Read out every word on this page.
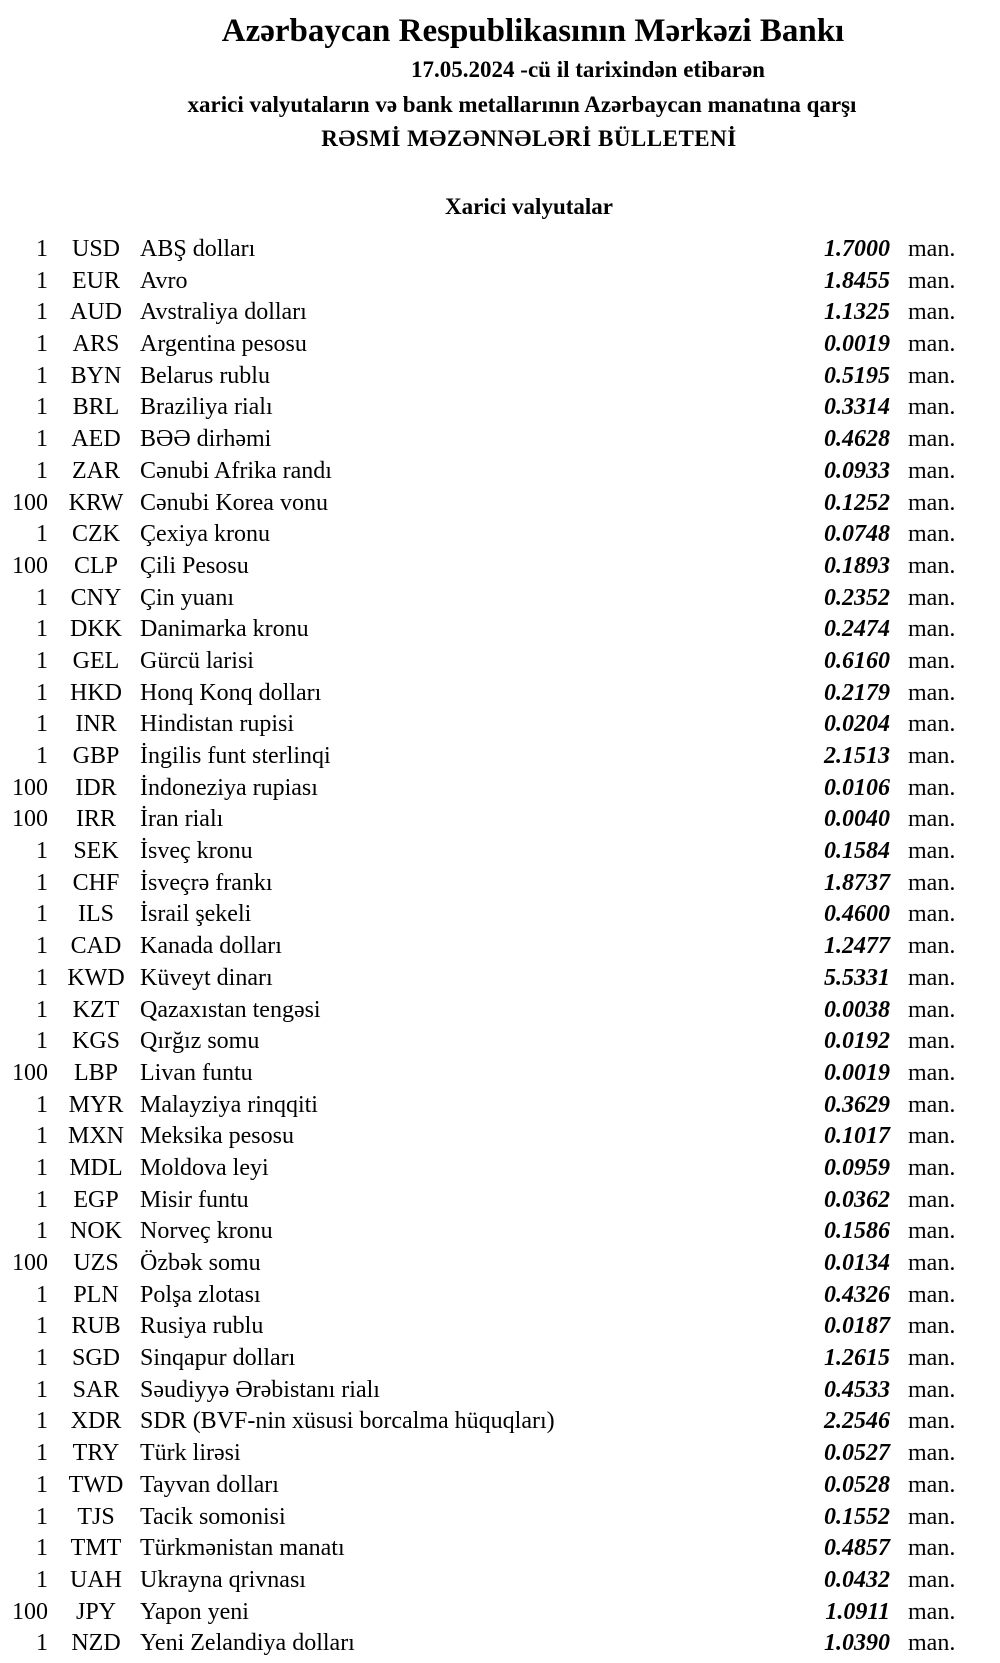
Azərbaycan Respublikasının Mərkəzi Bankı
17.05.2024 -cü il tarixindən etibarən
xarici valyutaların və bank metallarının Azərbaycan manatına qarşı
RƏSMİ MƏZƏNNƏLƏRİ BÜLLETENİ
Xarici valyutalar
1 USD ABŞ dolları	1.7000 man.
1	EUR Avro	1.8455 man.
1 AUD Avstraliya dolları	1.1325 man.
1	ARS Argentina pesosu	0.0019 man.
1 BYN Belarus rublu	0.5195 man.
1	BRL Braziliya rialı	0.3314 man.
1 AED BƏƏ dirhəmi	0.4628 man.
1	ZAR Cənubi Afrika randı	0.0933 man.
100 KRW Cənubi Korea vonu	0.1252 man.
1	CZK Çexiya kronu	0.0748 man.
100	CLP Çili Pesosu	0.1893 man.
1 CNY Çin yuanı	0.2352 man.
1 DKK Danimarka kronu	0.2474 man.
1	GEL Gürcü larisi	0.6160 man.
1 HKD Honq Konq dolları	0.2179 man.
1	INR Hindistan rupisi	0.0204 man.
1	GBP İngilis funt sterlinqi	2.1513 man.
100	IDR İndoneziya rupiası	0.0106 man.
100	IRR	İran rialı	0.0040 man.
1	SEK İsveç kronu	0.1584 man.
1	CHF İsveçrə frankı	1.8737 man.
1	ILS	İsrail şekeli	0.4600 man.
1 CAD Kanada dolları	1.2477 man.
1 KWD Küveyt dinarı	5.5331 man.
1	KZT Qazaxıstan tengəsi	0.0038 man.
1 KGS Qırğız somu	0.0192 man.
100	LBP Livan funtu	0.0019 man.
1 MYR Malayziya rinqqiti	0.3629 man.
1 MXN Meksika pesosu	0.1017 man.
1 MDL Moldova leyi	0.0959 man.
1	EGP Misir funtu	0.0362 man.
1 NOK Norveç kronu	0.1586 man.
100	UZS Özbək somu	0.0134 man.
1	PLN Polşa zlotası	0.4326 man.
1 RUB Rusiya rublu	0.0187 man.
1 SGD Sinqapur dolları	1.2615 man.
1	SAR Səudiyyə Ərəbistanı rialı	0.4533 man.
1 XDR SDR (BVF-nin xüsusi borcalma hüquqları)	2.2546 man.
1	TRY Türk lirəsi	0.0527 man.
1 TWD Tayvan dolları	0.0528 man.
1	TJS	Tacik somonisi	0.1552 man.
1 TMT Türkmənistan manatı	0.4857 man.
1 UAH Ukrayna qrivnası	0.0432 man.
100	JPY Yapon yeni	1.0911 man.
1 NZD Yeni Zelandiya dolları	1.0390 man.
